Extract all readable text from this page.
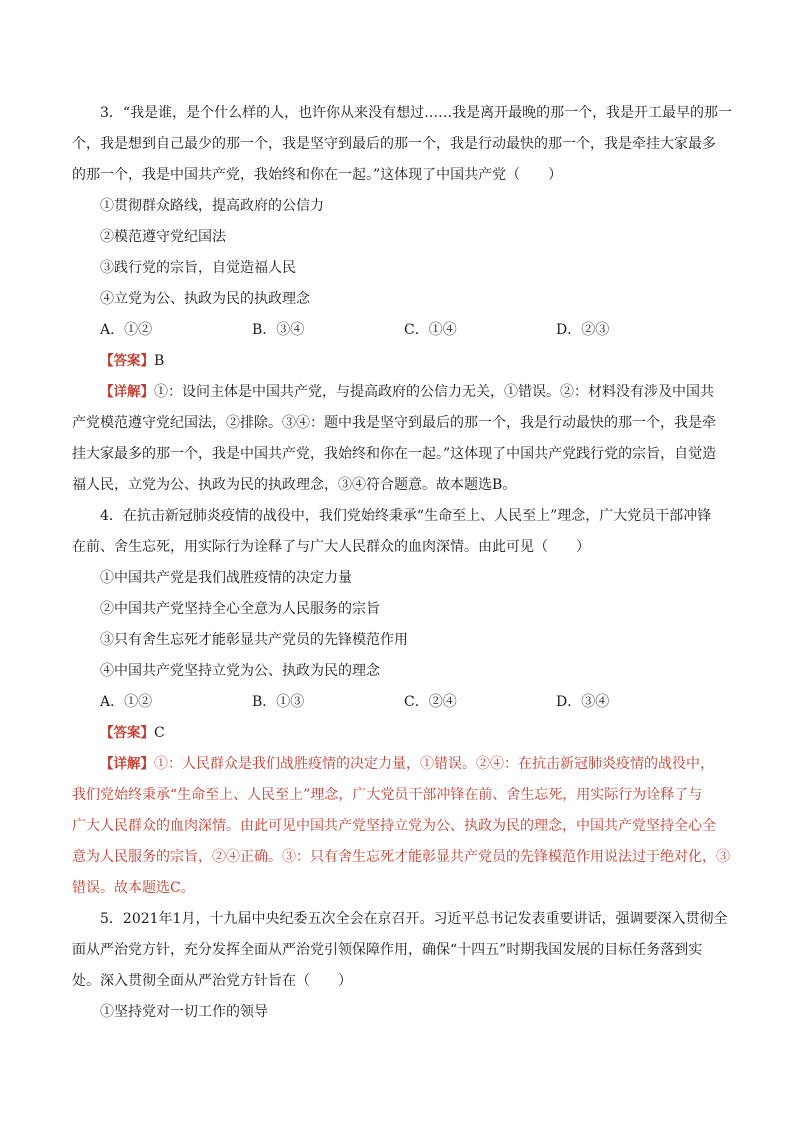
3．“我是谁，是个什么样的人，也许你从来没有想过……我是离开最晚的那一个，我是开工最早的那一

个，我是想到自己最少的那一个，我是坚守到最后的那一个，我是行动最快的那一个，我是牵挂大家最多

的那一个，我是中国共产党，我始终和你在一起。”这体现了中国共产党（　　）

①贯彻群众路线，提高政府的公信力

②模范遵守党纪国法

③践行党的宗旨，自觉造福人民

④立党为公、执政为民的执政理念

A．①②	B．③④	C．①④	D．②③

【答案】B

【详解】①：设问主体是中国共产党，与提高政府的公信力无关，①错误。②：材料没有涉及中国共

产党模范遵守党纪国法，②排除。③④：题中我是坚守到最后的那一个，我是行动最快的那一个，我是牵

挂大家最多的那一个，我是中国共产党，我始终和你在一起。”这体现了中国共产党践行党的宗旨，自觉造

福人民，立党为公、执政为民的执政理念，③④符合题意。故本题选B。

4．在抗击新冠肺炎疫情的战役中，我们党始终秉承“生命至上、人民至上”理念，广大党员干部冲锋

在前、舍生忘死，用实际行为诠释了与广大人民群众的血肉深情。由此可见（　　）

①中国共产党是我们战胜疫情的决定力量

②中国共产党坚持全心全意为人民服务的宗旨

③只有舍生忘死才能彰显共产党员的先锋模范作用

④中国共产党坚持立党为公、执政为民的理念

A．①②	B．①③	C．②④	D．③④

【答案】C

【详解】①：人民群众是我们战胜疫情的决定力量，①错误。②④：在抗击新冠肺炎疫情的战役中，

我们党始终秉承“生命至上、人民至上”理念，广大党员干部冲锋在前、舍生忘死，用实际行为诠释了与

广大人民群众的血肉深情。由此可见中国共产党坚持立党为公、执政为民的理念，中国共产党坚持全心全

意为人民服务的宗旨，②④正确。③：只有舍生忘死才能彰显共产党员的先锋模范作用说法过于绝对化，③

错误。故本题选C。

5．2021年1月，十九届中央纪委五次全会在京召开。习近平总书记发表重要讲话，强调要深入贯彻全

面从严治党方针，充分发挥全面从严治党引领保障作用，确保“十四五”时期我国发展的目标任务落到实

处。深入贯彻全面从严治党方针旨在（　　）

①坚持党对一切工作的领导
